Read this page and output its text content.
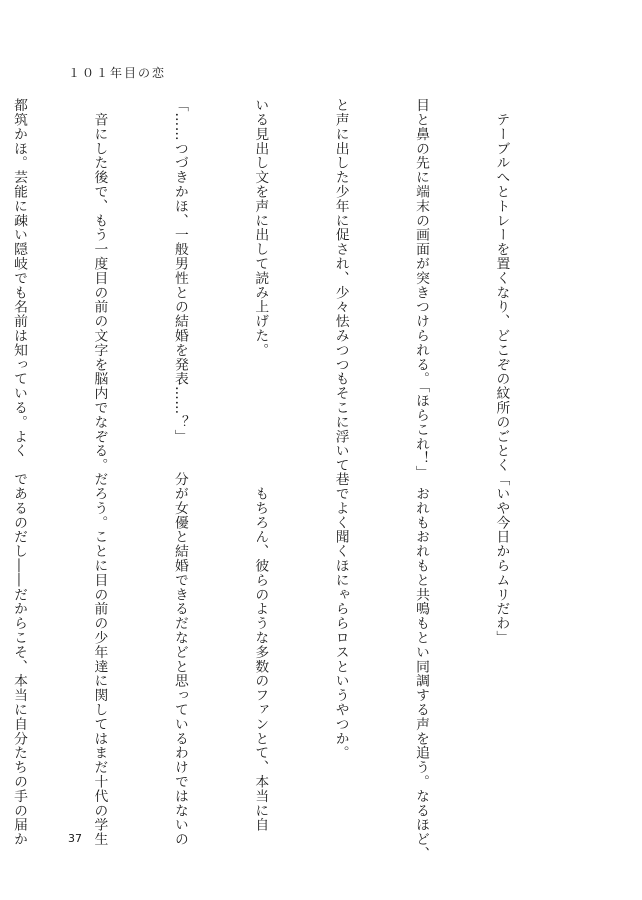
１０１年目の恋

　テーブルへとトレーを置くなり、どこぞの紋所のごとく

目と鼻の先に端末の画面が突きつけられる。「ほらこれ！」

と声に出した少年に促され、少々怯みつつもそこに浮いて

いる見出し文を声に出して読み上げた。

「……つづきかほ、一般男性との結婚を発表……？」

　音にした後で、もう一度目の前の文字を脳内でなぞる。

都筑かほ。芸能に疎い隠岐でも名前は知っている。よく

「いや今日からムリだわ」

　おれもおれもと共鳴もとい同調する声を追う。なるほど、

巷でよく聞くほにゃららロスというやつか。

　もちろん、彼らのような多数のファンとて、本当に自

分が女優と結婚できるだなどと思っているわけではないの

だろう。ことに目の前の少年達に関してはまだ十代の学生

であるのだし――だからこそ、本当に自分たちの手の届か

	37
